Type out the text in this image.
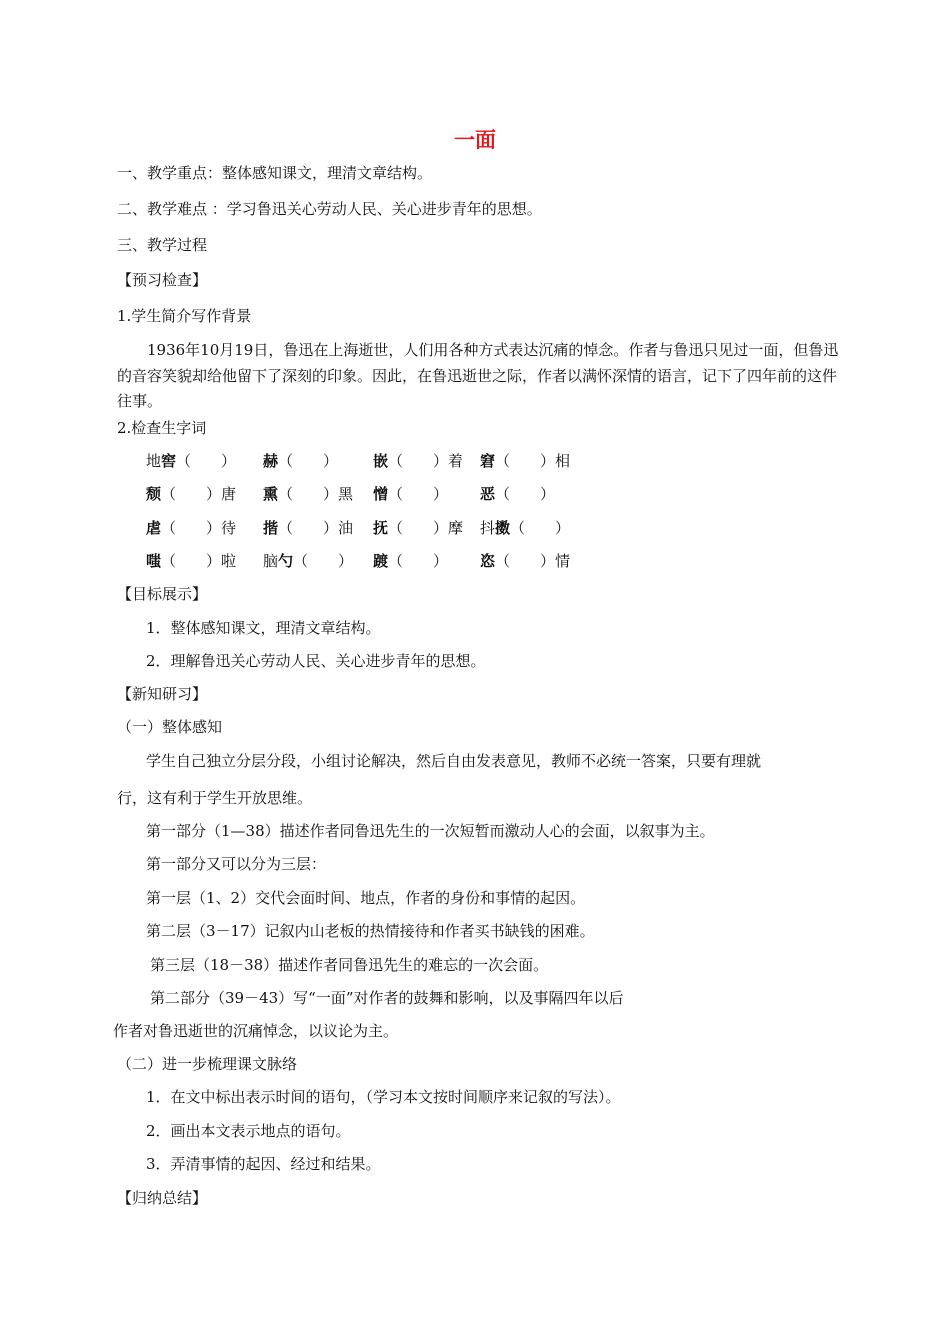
一面
一、教学重点：整体感知课文，理清文章结构。
二、教学难点 ：学习鲁迅关心劳动人民、关心进步青年的思想。
三、教学过程
【预习检查】
1.学生简介写作背景
1936年10月19日，鲁迅在上海逝世，人们用各种方式表达沉痛的悼念。作者与鲁迅只见过一面，但鲁迅的音容笑貌却给他留下了深刻的印象。因此，在鲁迅逝世之际，作者以满怀深情的语言，记下了四年前的这件往事。
2.检查生字词
地窖（　　） 赫（　　） 嵌（　　）着 窘（　　）相
颓（　　）唐 熏（　　）黑 憎（　　） 恶（　　）
虐（　　）待 揩（　　）油 抚（　　）摩 抖擞（　　）
嗤（　　）啦 脑勺（　　） 踱（　　） 恣（　　）情
【目标展示】
1．整体感知课文，理清文章结构。
2．理解鲁迅关心劳动人民、关心进步青年的思想。
【新知研习】
（一）整体感知
学生自己独立分层分段，小组讨论解决，然后自由发表意见，教师不必统一答案，只要有理就
行，这有利于学生开放思维。
第一部分（1—38）描述作者同鲁迅先生的一次短暂而激动人心的会面，以叙事为主。
第一部分又可以分为三层：
第一层（1、2）交代会面时间、地点，作者的身份和事情的起因。
第二层（3－17）记叙内山老板的热情接待和作者买书缺钱的困难。
第三层（18－38）描述作者同鲁迅先生的难忘的一次会面。
第二部分（39－43）写“一面”对作者的鼓舞和影响，以及事隔四年以后
作者对鲁迅逝世的沉痛悼念，以议论为主。
（二）进一步梳理课文脉络
1．在文中标出表示时间的语句，（学习本文按时间顺序来记叙的写法）。
2．画出本文表示地点的语句。
3．弄清事情的起因、经过和结果。
【归纳总结】
